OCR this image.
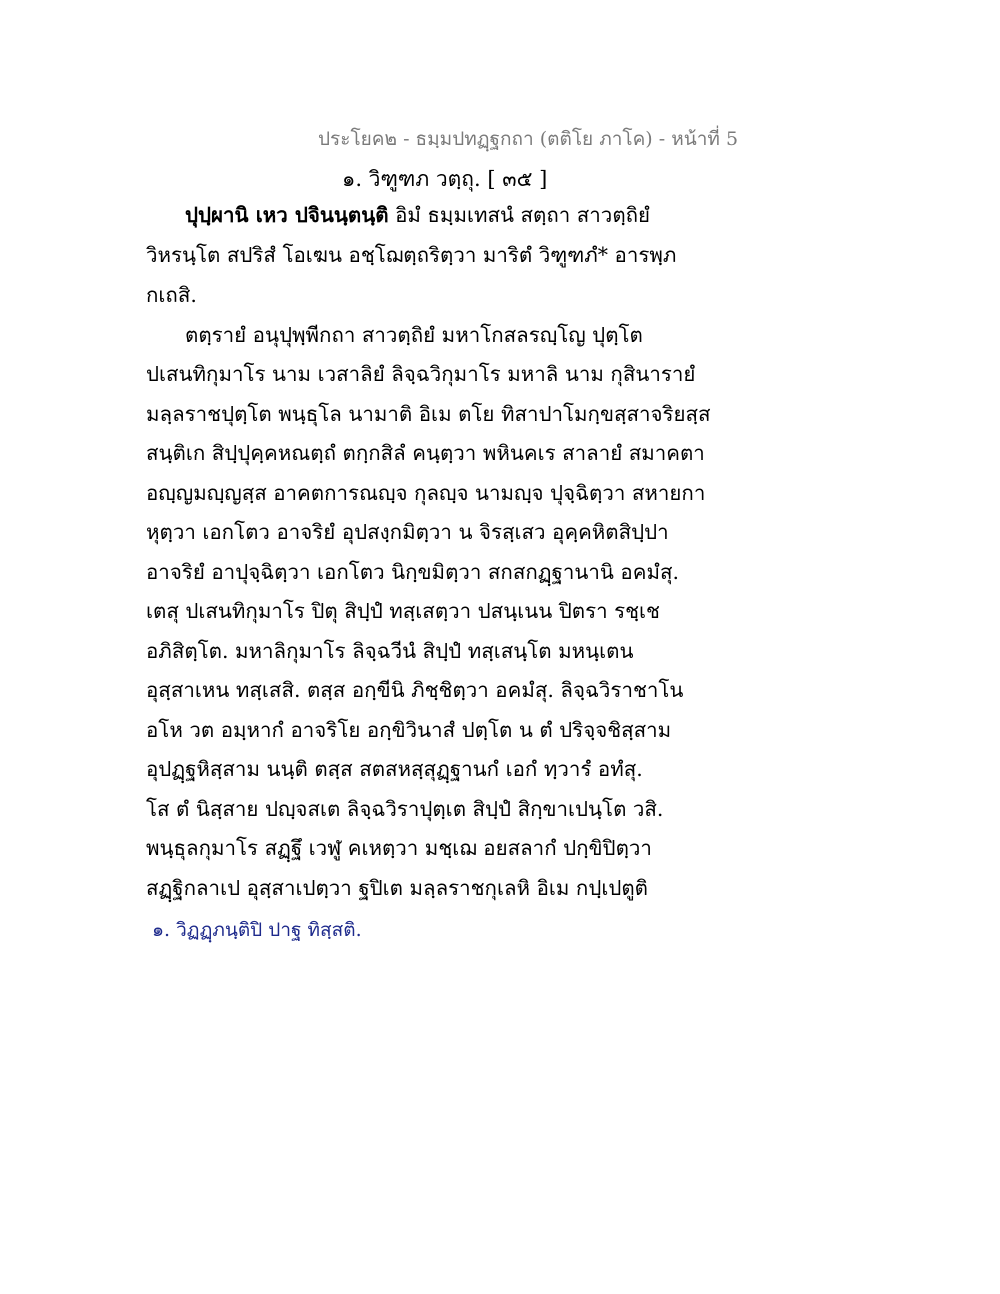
ประโยค๒ - ธมฺมปทฏฺฐกถา (ตติโย ภาโค) - หน้าที่ 5
๑. วิฑูฑภ วตฺถุ. [ ๓๕ ]
ปุปฺผานิ เหว ปจินนฺตนฺติ อิมํ ธมฺมเทสนํ สตฺถา สาวตฺถิยํ
วิหรนฺโต สปริสํ โอเฆน อชฺโฌตฺถริตฺวา มาริตํ วิฑูฑภํ* อารพฺภ
กเถสิ.
ตตฺรายํ อนุปุพฺพีกถา สาวตฺถิยํ มหาโกสลรญฺโญ ปุตฺโต
ปเสนทิกุมาโร นาม เวสาลิยํ ลิจฺฉวิกุมาโร มหาลิ นาม กุสินารายํ
มลฺลราชปุตฺโต พนฺธุโล นามาติ อิเม ตโย ทิสาปาโมกฺขสฺสาจริยสฺส
สนฺติเก สิปฺปุคฺคหณตฺถํ ตกฺกสิลํ คนฺตฺวา พหินคเร สาลายํ สมาคตา
อญฺญมญฺญสฺส อาคตการณญฺจ กุลญฺจ นามญฺจ ปุจฺฉิตฺวา สหายกา
หุตฺวา เอกโตว อาจริยํ อุปสงฺกมิตฺวา น จิรสฺเสว อุคฺคหิตสิปฺปา
อาจริยํ อาปุจฺฉิตฺวา เอกโตว นิกฺขมิตฺวา สกสกฏฺฐานานิ อคมํสุ.
เตสุ ปเสนทิกุมาโร ปิตุ สิปฺปํ ทสฺเสตฺวา ปสนฺเนน ปิตรา รชฺเช
อภิสิตฺโต. มหาลิกุมาโร ลิจฺฉวีนํ สิปฺปํ ทสฺเสนฺโต มหนฺเตน
อุสฺสาเหน ทสฺเสสิ. ตสฺส อกฺขีนิ ภิชฺชิตฺวา อคมํสุ. ลิจฺฉวิราชาโน
อโห วต อมฺหากํ อาจริโย อกฺขิวินาสํ ปตฺโต น ตํ ปริจฺจชิสฺสาม
อุปฏฺฐหิสฺสาม นนฺติ ตสฺส สตสหสฺสุฏฺฐานกํ เอกํ ทฺวารํ อทํสุ.
โส ตํ นิสฺสาย ปญฺจสเต ลิจฺฉวิราปุตฺเต สิปฺปํ สิกฺขาเปนฺโต วสิ.
พนฺธุลกุมาโร สฏฺฐึ เวฬู คเหตฺวา มชฺเฌ อยสลากํ ปกฺขิปิตฺวา
สฏฺฐิกลาเป อุสฺสาเปตฺวา ฐปิเต มลฺลราชกุเลหิ อิเม กปฺเปตูติ
๑. วิฏฏฺภนฺติปิ ปาฐ ทิสฺสติ.
